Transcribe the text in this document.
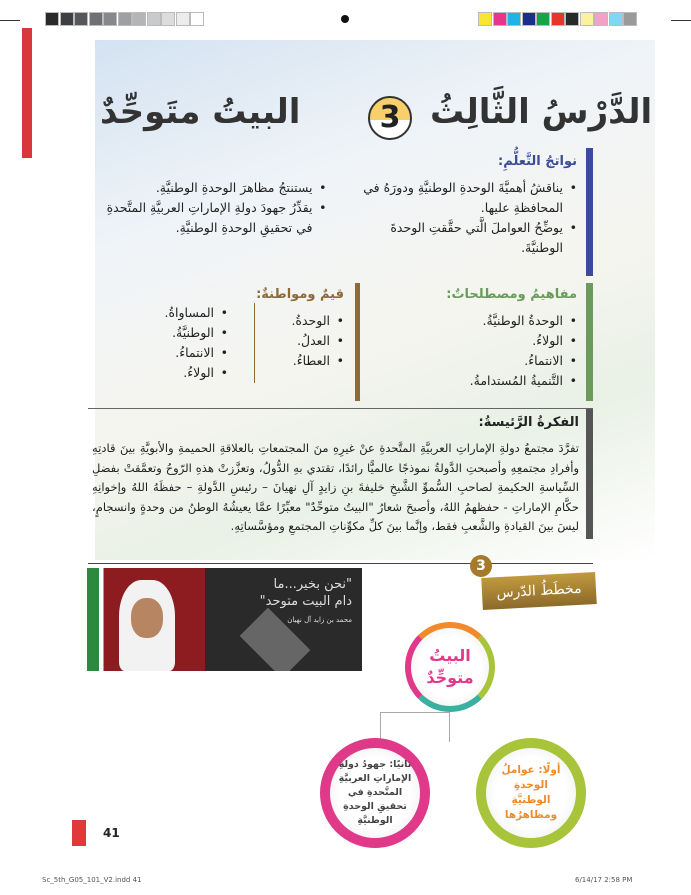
الدَّرْسُ الثَّالِثُ
3
البيتُ متَوحِّدٌ
نواتجُ التَّعلُّمِ:
• يناقشُ أهميَّةَ الوحدةِ الوطنيَّةِ ودورَهُ في المحافظةِ عليها.
• يوضِّحُ العواملَ الَّتي حقَّقتِ الوحدةَ الوطنيَّةَ.
• يستنتجُ مظاهرَ الوحدةِ الوطنيَّةِ.
• يقدِّرُ جهودَ دولةِ الإماراتِ العربيَّةِ المتَّحدةِ في تحقيقِ الوحدةِ الوطنيَّةِ.
مفاهيمُ ومصطلحاتٌ:
• الوحدةُ الوطنيَّةُ.
• الولاءُ.
• الانتماءُ.
• التَّنميةُ المُستدامةُ.
قيمٌ ومواطنةٌ:
• الوحدةُ.
• العدلُ.
• العطاءُ.
• المساواةُ.
• الوطنيَّةُ.
• الانتماءُ.
• الولاءُ.
الفكرةُ الرَّئيسةُ:

تفرَّدَ مجتمعُ دولةِ الإماراتِ العربيَّةِ المتَّحدةِ عنْ غيرِهِ منَ المجتمعاتِ بالعلاقةِ الحميمةِ والأبويَّةِ بينَ قادتِهِ وأفرادِ مجتمعِهِ وأصبحتِ الدَّولةُ نموذجًا عالميًّا رائدًا، تقتدي بهِ الدُّولُ، وتعزَّزتْ هذهِ الرّوحُ وتعمَّقتْ بفضلِ السِّياسةِ الحكيمةِ لصاحبِ السُّموِّ الشَّيخِ خليفةَ بنِ زايدٍ آلِ نهيانَ – رئيسِ الدَّولةِ – حفظَهُ اللهُ وإخوانِهِ حكَّامِ الإماراتِ - حفظهمُ اللهُ، وأصبحَ شعارُ "البيتُ متوحِّدٌ" معبِّرًا عمَّا يعيشُهُ الوطنُ من وحدةٍ وانسجامٍ، ليسَ بينَ القيادةِ والشَّعبِ فقط، وإنَّما بينَ كلِّ مكوِّناتِ المجتمعِ ومؤسَّساتِهِ.

"نحن بخير...ما دام البيت متوحد"
محمد بن زايد آل نهيان
3
مخطَطُ الدّرس
البيتُ متوحِّدٌ
ثانيًا: جهودُ دولةِ الإماراتِ العربيَّةِ المتَّحدةِ في تحقيقِ الوحدةِ الوطنيَّةِ
أولًا: عواملُ الوحدةِ الوطنيَّةِ ومظاهرُها
41
Sc_5th_G05_101_V2.indd 41	6/14/17 2:58 PM
